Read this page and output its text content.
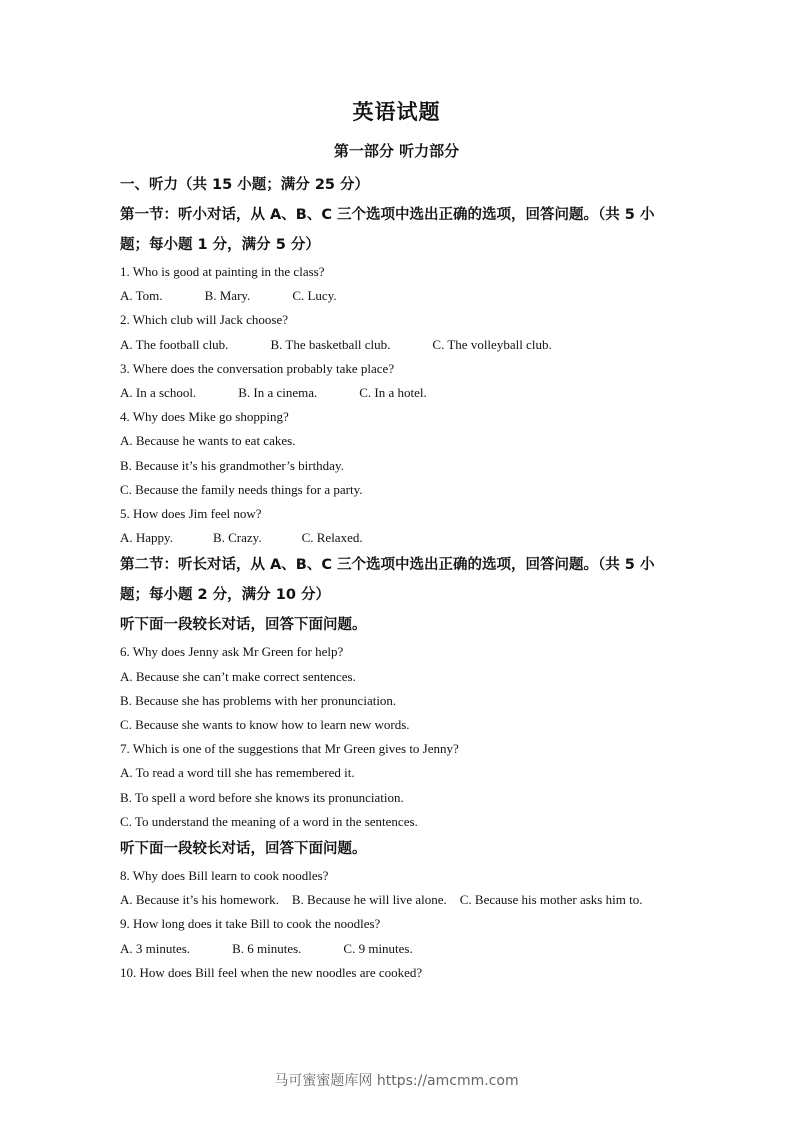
英语试题
第一部分 听力部分

一、听力（共 15 小题；满分 25 分）

第一节：听小对话，从 A、B、C 三个选项中选出正确的选项，回答问题。（共 5 小题；每小题 1 分，满分 5 分）

1. Who is good at painting in the class?

A. Tom.	B. Mary.	C. Lucy.

2. Which club will Jack choose?

A. The football club.	B. The basketball club.	C. The volleyball club.

3. Where does the conversation probably take place?

A. In a school.	B. In a cinema.	C. In a hotel.

4. Why does Mike go shopping?

A. Because he wants to eat cakes.

B. Because it’s his grandmother’s birthday.

C. Because the family needs things for a party.

5. How does Jim feel now?

A. Happy.	B. Crazy.	C. Relaxed.

第二节：听长对话，从 A、B、C 三个选项中选出正确的选项，回答问题。（共 5 小题；每小题 2 分，满分 10 分）

听下面一段较长对话，回答下面问题。

6. Why does Jenny ask Mr Green for help?

A. Because she can’t make correct sentences.

B. Because she has problems with her pronunciation.

C. Because she wants to know how to learn new words.

7. Which is one of the suggestions that Mr Green gives to Jenny?

A. To read a word till she has remembered it.

B. To spell a word before she knows its pronunciation.

C. To understand the meaning of a word in the sentences.

听下面一段较长对话，回答下面问题。

8. Why does Bill learn to cook noodles?

A. Because it’s his homework. B. Because he will live alone. C. Because his mother asks him to.

9. How long does it take Bill to cook the noodles?

A. 3 minutes.	B. 6 minutes.	C. 9 minutes.

10. How does Bill feel when the new noodles are cooked?

马可蜜蜜题库网 https://amcmm.com
